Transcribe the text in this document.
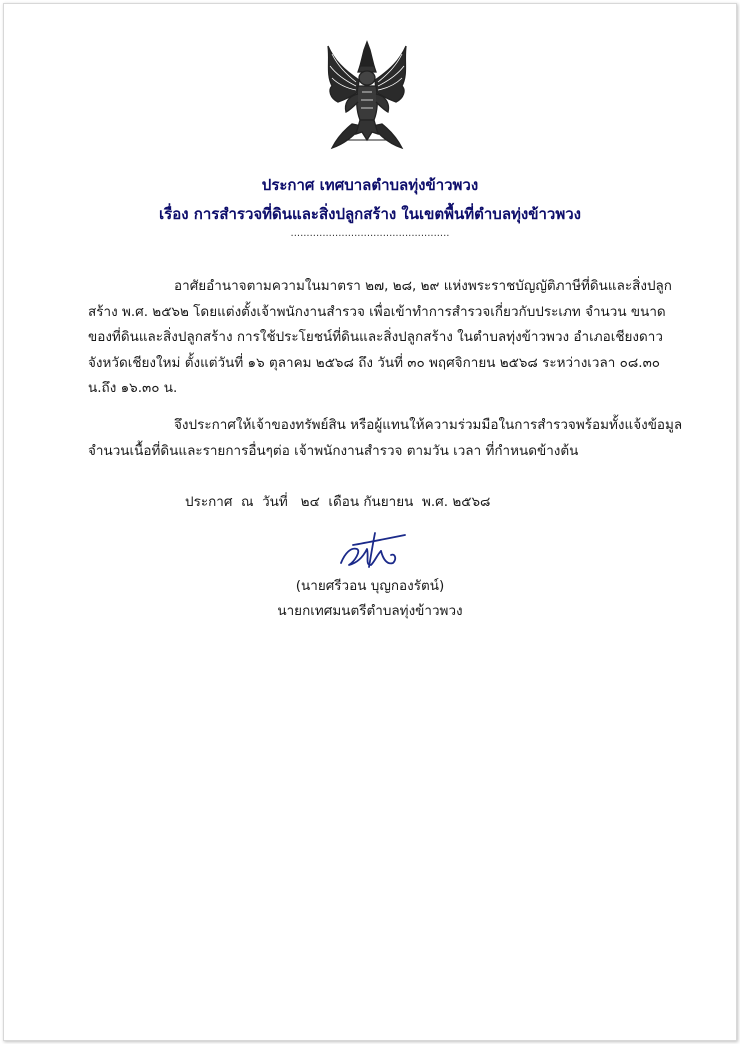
ประกาศ เทศบาลตำบลทุ่งข้าวพวง
เรื่อง การสำรวจที่ดินและสิ่งปลูกสร้าง ในเขตพื้นที่ตำบลทุ่งข้าวพวง
..................................................
อาศัยอำนาจตามความในมาตรา ๒๗, ๒๘, ๒๙ แห่งพระราชบัญญัติภาษีที่ดินและสิ่งปลูก
สร้าง พ.ศ. ๒๕๖๒ โดยแต่งตั้งเจ้าพนักงานสำรวจ เพื่อเข้าทำการสำรวจเกี่ยวกับประเภท จำนวน ขนาด
ของที่ดินและสิ่งปลูกสร้าง การใช้ประโยชน์ที่ดินและสิ่งปลูกสร้าง ในตำบลทุ่งข้าวพวง อำเภอเชียงดาว
จังหวัดเชียงใหม่ ตั้งแต่วันที่ ๑๖ ตุลาคม ๒๕๖๘ ถึง วันที่ ๓๐ พฤศจิกายน ๒๕๖๘ ระหว่างเวลา ๐๘.๓๐
น.ถึง ๑๖.๓๐ น.
จึงประกาศให้เจ้าของทรัพย์สิน หรือผู้แทนให้ความร่วมมือในการสำรวจพร้อมทั้งแจ้งข้อมูล
จำนวนเนื้อที่ดินและรายการอื่นๆต่อ เจ้าพนักงานสำรวจ ตามวัน เวลา ที่กำหนดข้างต้น
ประกาศ  ณ  วันที่   ๒๔  เดือน กันยายน  พ.ศ. ๒๕๖๘
(นายศรีวอน บุญกองรัตน์)
นายกเทศมนตรีตำบลทุ่งข้าวพวง
